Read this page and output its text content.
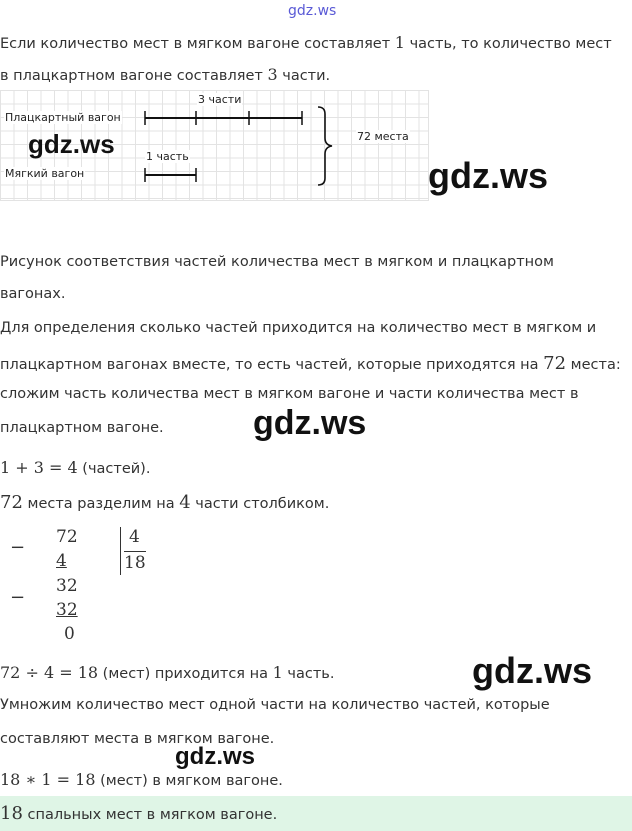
gdz.ws
Если количество мест в мягком вагоне составляет 1 часть, то количество мест
в плацкартном вагоне составляет 3 части.
Плацкартный вагон
3 части
Мягкий вагон
1 часть
72 места
gdz.ws
gdz.ws
Рисунок соответствия частей количества мест в мягком и плацкартном
вагонах.
Для определения сколько частей приходится на количество мест в мягком и
плацкартном вагонах вместе, то есть частей, которые приходятся на 72 места:
сложим часть количества мест в мягком вагоне и части количества мест в
плацкартном вагоне.	gdz.ws
1 + 3 = 4 (частей).
72 места разделим на 4 части столбиком.
− 72
4
−
32
32
0
4
18
72 ÷ 4 = 18 (мест) приходится на 1 часть.	gdz.ws
Умножим количество мест одной части на количество частей, которые
составляют места в мягком вагоне.
gdz.ws
18 ∗ 1 = 18 (мест) в мягком вагоне.
18 спальных мест в мягком вагоне.
